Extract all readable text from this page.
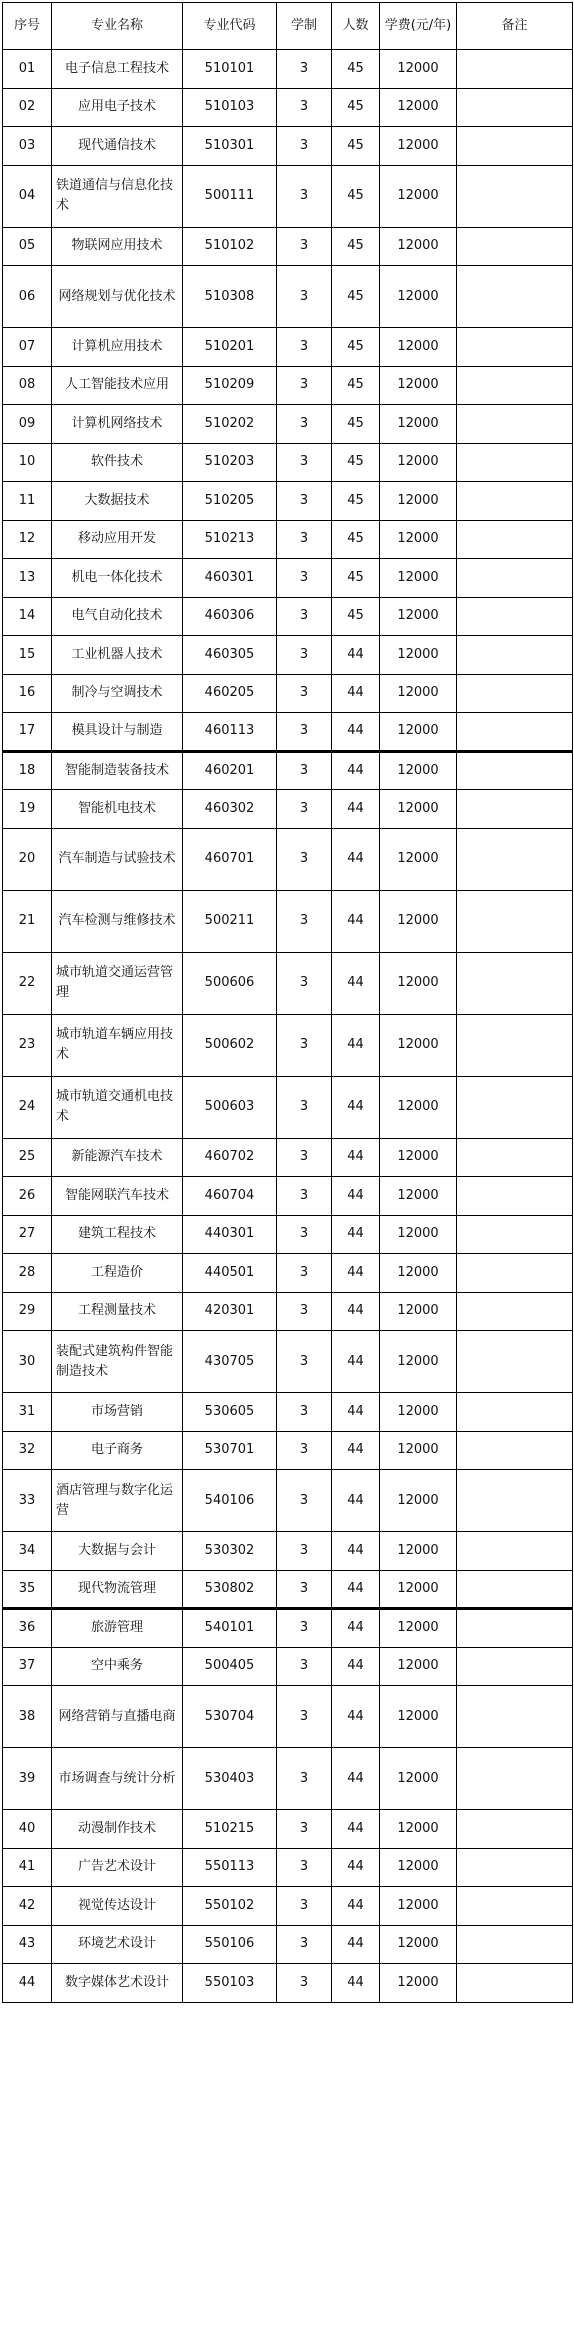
序号	专业名称	专业代码	学制	人数	学费(元/年)	备注
01	电子信息工程技术	510101	3	45	12000	
02	应用电子技术	510103	3	45	12000	
03	现代通信技术	510301	3	45	12000	
04	铁道通信与信息化技术	500111	3	45	12000	
05	物联网应用技术	510102	3	45	12000	
06	网络规划与优化技术	510308	3	45	12000	
07	计算机应用技术	510201	3	45	12000	
08	人工智能技术应用	510209	3	45	12000	
09	计算机网络技术	510202	3	45	12000	
10	软件技术	510203	3	45	12000	
11	大数据技术	510205	3	45	12000	
12	移动应用开发	510213	3	45	12000	
13	机电一体化技术	460301	3	45	12000	
14	电气自动化技术	460306	3	45	12000	
15	工业机器人技术	460305	3	44	12000	
16	制冷与空调技术	460205	3	44	12000	
17	模具设计与制造	460113	3	44	12000	
18	智能制造装备技术	460201	3	44	12000	
19	智能机电技术	460302	3	44	12000	
20	汽车制造与试验技术	460701	3	44	12000	
21	汽车检测与维修技术	500211	3	44	12000	
22	城市轨道交通运营管理	500606	3	44	12000	
23	城市轨道车辆应用技术	500602	3	44	12000	
24	城市轨道交通机电技术	500603	3	44	12000	
25	新能源汽车技术	460702	3	44	12000	
26	智能网联汽车技术	460704	3	44	12000	
27	建筑工程技术	440301	3	44	12000	
28	工程造价	440501	3	44	12000	
29	工程测量技术	420301	3	44	12000	
30	装配式建筑构件智能制造技术	430705	3	44	12000	
31	市场营销	530605	3	44	12000	
32	电子商务	530701	3	44	12000	
33	酒店管理与数字化运营	540106	3	44	12000	
34	大数据与会计	530302	3	44	12000	
35	现代物流管理	530802	3	44	12000	
36	旅游管理	540101	3	44	12000	
37	空中乘务	500405	3	44	12000	
38	网络营销与直播电商	530704	3	44	12000	
39	市场调查与统计分析	530403	3	44	12000	
40	动漫制作技术	510215	3	44	12000	
41	广告艺术设计	550113	3	44	12000	
42	视觉传达设计	550102	3	44	12000	
43	环境艺术设计	550106	3	44	12000	
44	数字媒体艺术设计	550103	3	44	12000	
